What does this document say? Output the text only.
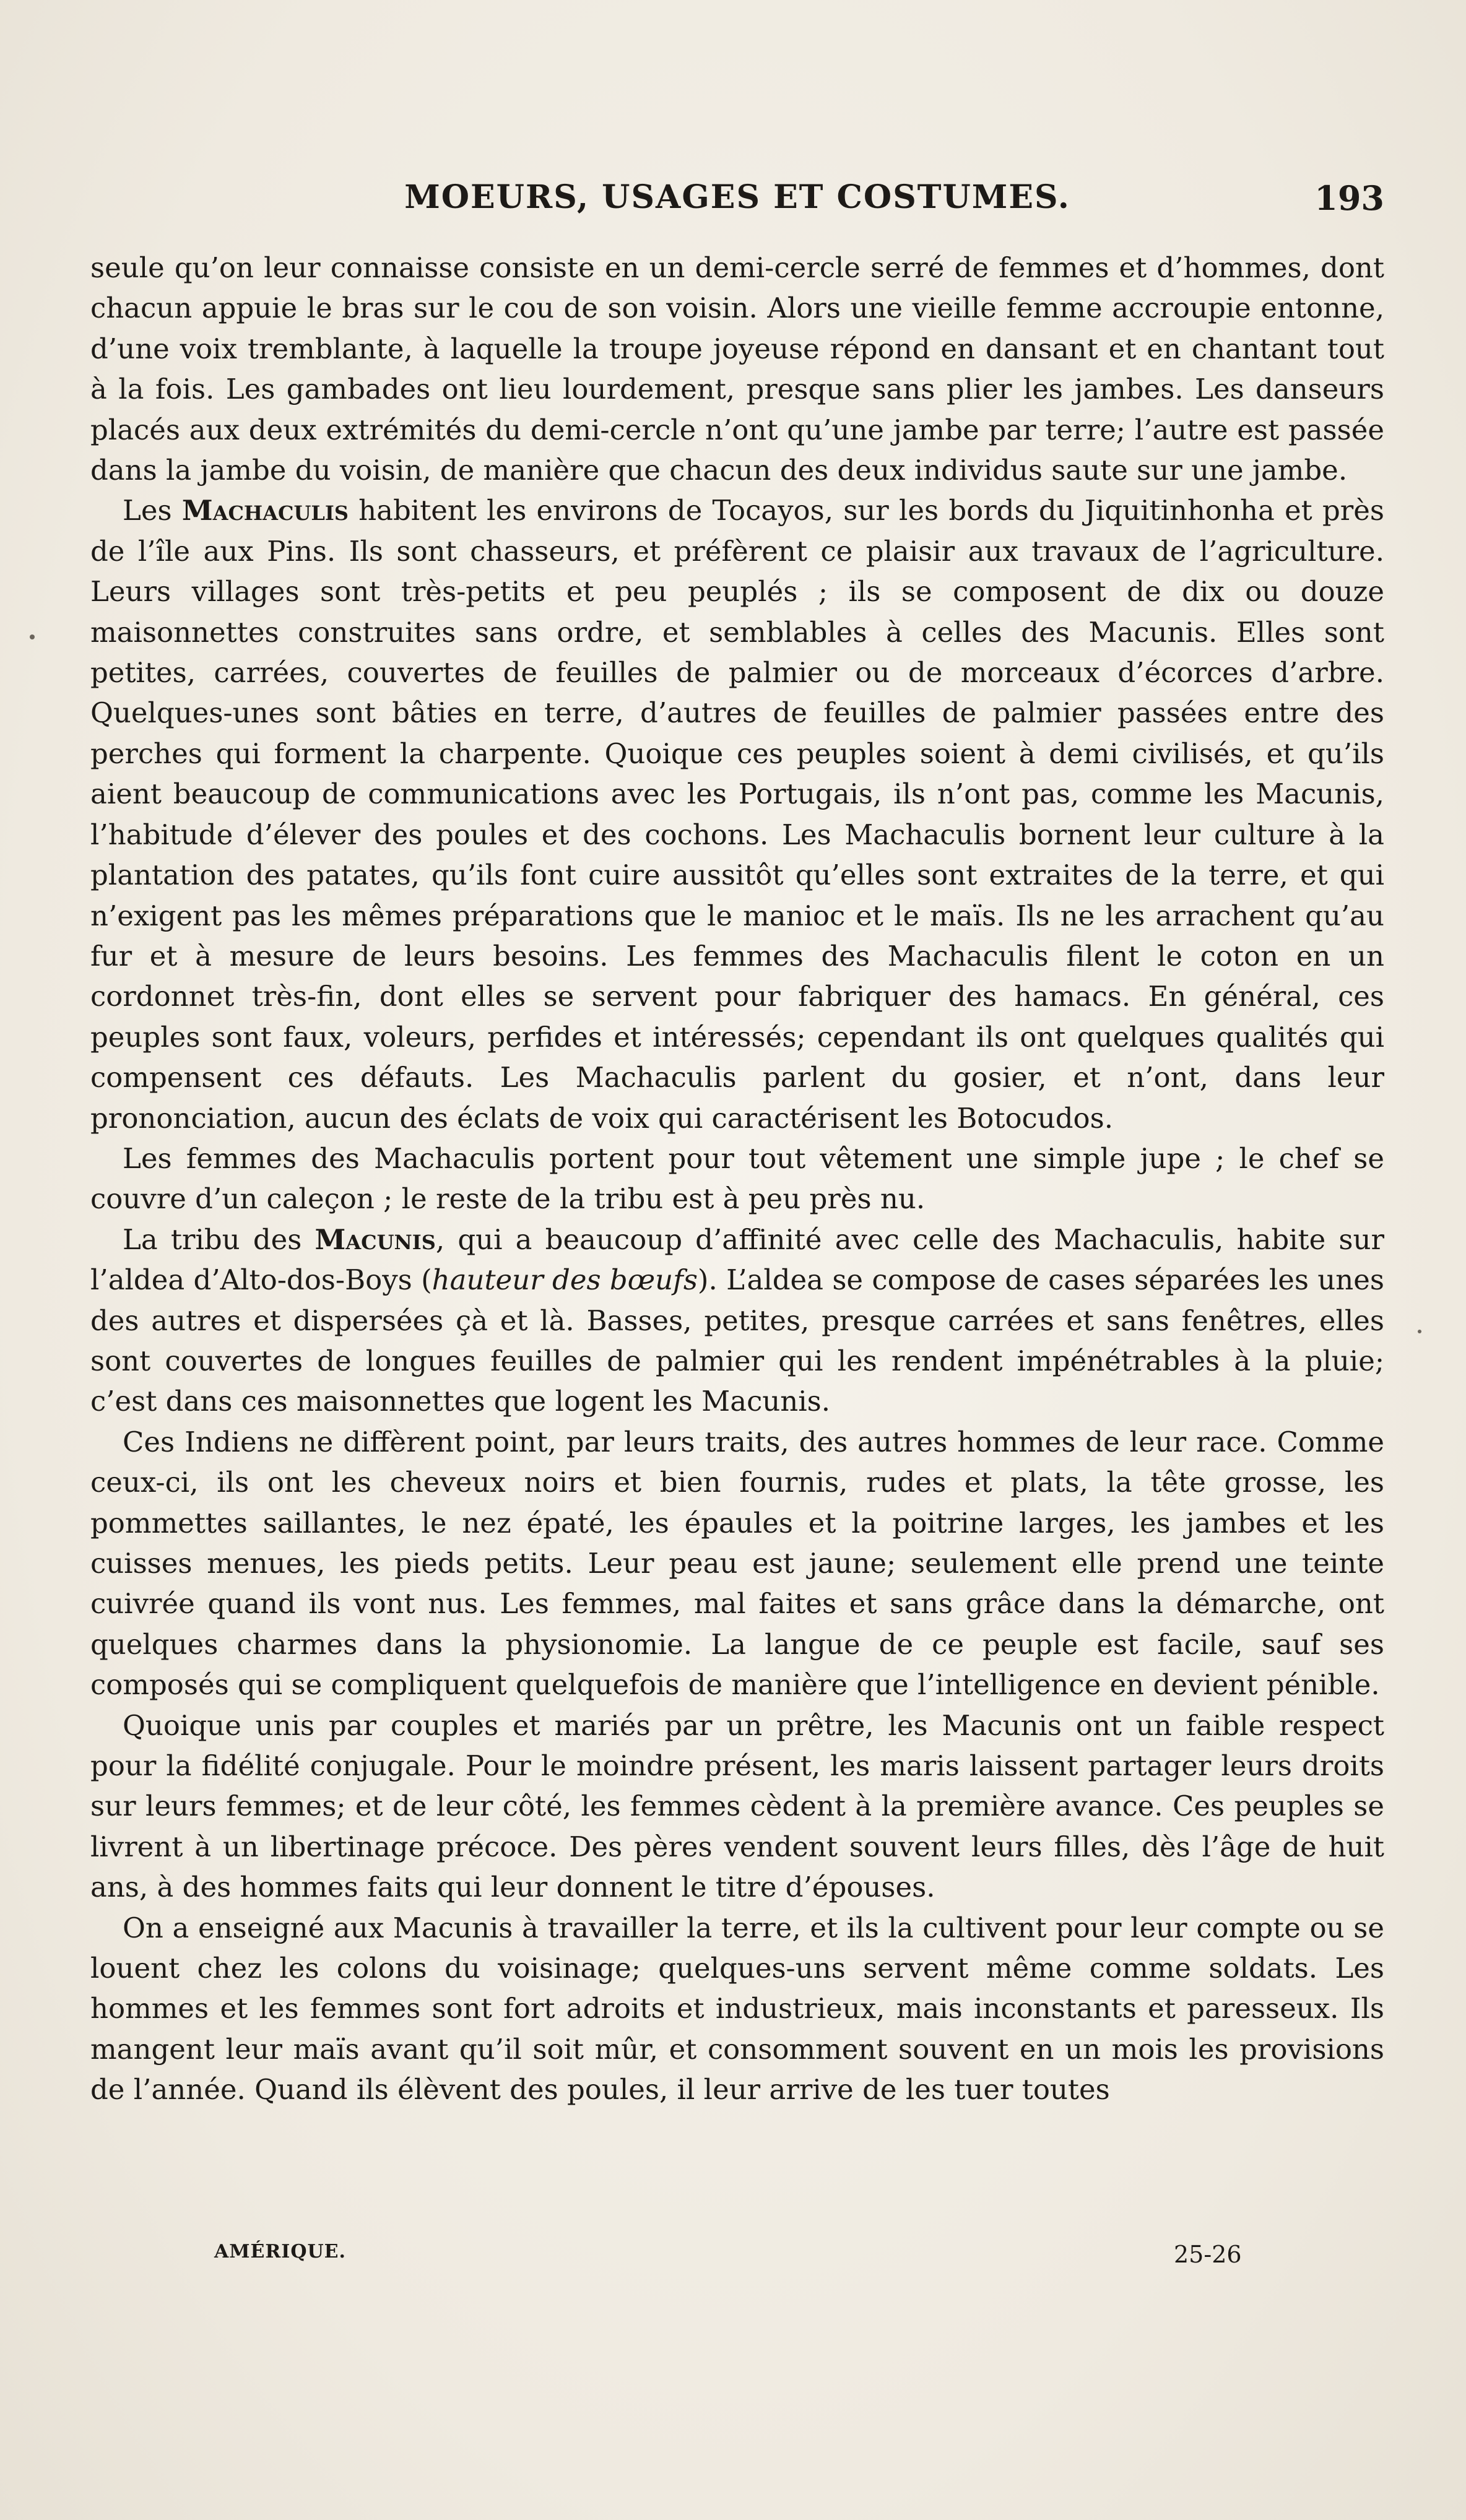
MOEURS, USAGES ET COSTUMES.	193

seule qu’on leur connaisse consiste en un demi-cercle serré de femmes et d’hommes, dont chacun appuie le bras sur le cou de son voisin. Alors une vieille femme accroupie entonne, d’une voix tremblante, à laquelle la troupe joyeuse répond en dansant et en chantant tout à la fois. Les gambades ont lieu lourdement, presque sans plier les jambes. Les danseurs placés aux deux extrémités du demi-cercle n’ont qu’une jambe par terre; l’autre est passée dans la jambe du voisin, de manière que chacun des deux individus saute sur une jambe.

Les Machaculis habitent les environs de Tocayos, sur les bords du Jiquitinhonha et près de l’île aux Pins. Ils sont chasseurs, et préfèrent ce plaisir aux travaux de l’agriculture. Leurs villages sont très-petits et peu peuplés ; ils se composent de dix ou douze maisonnettes construites sans ordre, et semblables à celles des Macunis. Elles sont petites, carrées, couvertes de feuilles de palmier ou de morceaux d’écorces d’arbre. Quelques-unes sont bâties en terre, d’autres de feuilles de palmier passées entre des perches qui forment la charpente. Quoique ces peuples soient à demi civilisés, et qu’ils aient beaucoup de communications avec les Portugais, ils n’ont pas, comme les Macunis, l’habitude d’élever des poules et des cochons. Les Machaculis bornent leur culture à la plantation des patates, qu’ils font cuire aussitôt qu’elles sont extraites de la terre, et qui n’exigent pas les mêmes préparations que le manioc et le maïs. Ils ne les arrachent qu’au fur et à mesure de leurs besoins. Les femmes des Machaculis filent le coton en un cordonnet très-fin, dont elles se servent pour fabriquer des hamacs. En général, ces peuples sont faux, voleurs, perfides et intéressés; cependant ils ont quelques qualités qui compensent ces défauts. Les Machaculis parlent du gosier, et n’ont, dans leur prononciation, aucun des éclats de voix qui caractérisent les Botocudos.

Les femmes des Machaculis portent pour tout vêtement une simple jupe ; le chef se couvre d’un caleçon ; le reste de la tribu est à peu près nu.

La tribu des Macunis, qui a beaucoup d’affinité avec celle des Machaculis, habite sur l’aldea d’Alto-dos-Boys (hauteur des bœufs). L’aldea se compose de cases séparées les unes des autres et dispersées çà et là. Basses, petites, presque carrées et sans fenêtres, elles sont couvertes de longues feuilles de palmier qui les rendent impénétrables à la pluie; c’est dans ces maisonnettes que logent les Macunis.

Ces Indiens ne diffèrent point, par leurs traits, des autres hommes de leur race. Comme ceux-ci, ils ont les cheveux noirs et bien fournis, rudes et plats, la tête grosse, les pommettes saillantes, le nez épaté, les épaules et la poitrine larges, les jambes et les cuisses menues, les pieds petits. Leur peau est jaune; seulement elle prend une teinte cuivrée quand ils vont nus. Les femmes, mal faites et sans grâce dans la démarche, ont quelques charmes dans la physionomie. La langue de ce peuple est facile, sauf ses composés qui se compliquent quelquefois de manière que l’intelligence en devient pénible.

Quoique unis par couples et mariés par un prêtre, les Macunis ont un faible respect pour la fidélité conjugale. Pour le moindre présent, les maris laissent partager leurs droits sur leurs femmes; et de leur côté, les femmes cèdent à la première avance. Ces peuples se livrent à un libertinage précoce. Des pères vendent souvent leurs filles, dès l’âge de huit ans, à des hommes faits qui leur donnent le titre d’épouses.

On a enseigné aux Macunis à travailler la terre, et ils la cultivent pour leur compte ou se louent chez les colons du voisinage; quelques-uns servent même comme soldats. Les hommes et les femmes sont fort adroits et industrieux, mais inconstants et paresseux. Ils mangent leur maïs avant qu’il soit mûr, et consomment souvent en un mois les provisions de l’année. Quand ils élèvent des poules, il leur arrive de les tuer toutes

AMÉRIQUE.	25-26
